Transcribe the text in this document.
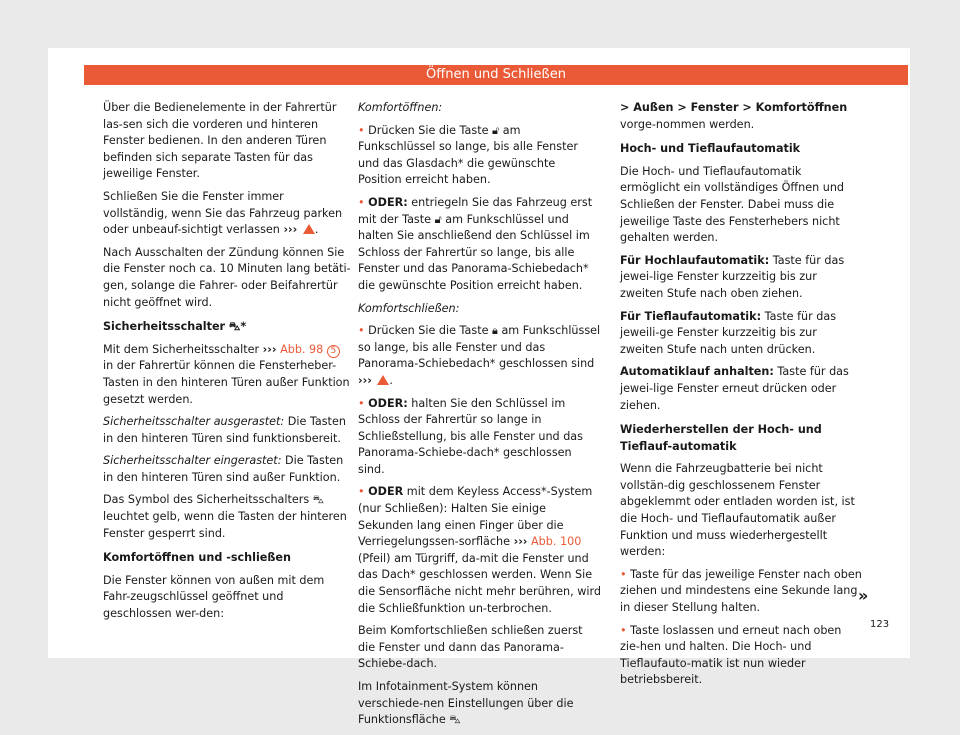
Öffnen und Schließen

Über die Bedienelemente in der Fahrertür las-sen sich die vorderen und hinteren Fenster bedienen. In den anderen Türen befinden sich separate Tasten für das jeweilige Fenster.

Schließen Sie die Fenster immer vollständig, wenn Sie das Fahrzeug parken oder unbeauf-sichtigt verlassen ››› .

Nach Ausschalten der Zündung können Sie die Fenster noch ca. 10 Minuten lang betäti-gen, solange die Fahrer- oder Beifahrertür nicht geöffnet wird.

Sicherheitsschalter ⛍*

Mit dem Sicherheitsschalter ››› Abb. 98 5 in der Fahrertür können die Fensterheber-Tasten in den hinteren Türen außer Funktion gesetzt werden.

Sicherheitsschalter ausgerastet: Die Tasten in den hinteren Türen sind funktionsbereit.

Sicherheitsschalter eingerastet: Die Tasten in den hinteren Türen sind außer Funktion.

Das Symbol des Sicherheitsschalters ⛍ leuchtet gelb, wenn die Tasten der hinteren Fenster gesperrt sind.

Komfortöffnen und -schließen

Die Fenster können von außen mit dem Fahr-zeugschlüssel geöffnet und geschlossen wer-den:

Komfortöffnen:

• Drücken Sie die Taste 🔓︎ am Funkschlüssel so lange, bis alle Fenster und das Glasdach* die gewünschte Position erreicht haben.

• ODER: entriegeln Sie das Fahrzeug erst mit der Taste 🔓︎ am Funkschlüssel und halten Sie anschließend den Schlüssel im Schloss der Fahrertür so lange, bis alle Fenster und das Panorama-Schiebedach* die gewünschte Position erreicht haben.

Komfortschließen:

• Drücken Sie die Taste 🔒︎ am Funkschlüssel so lange, bis alle Fenster und das Panorama-Schiebedach* geschlossen sind ››› .

• ODER: halten Sie den Schlüssel im Schloss der Fahrertür so lange in Schließstellung, bis alle Fenster und das Panorama-Schiebe-dach* geschlossen sind.

• ODER mit dem Keyless Access*-System (nur Schließen): Halten Sie einige Sekunden lang einen Finger über die Verriegelungssen-sorfläche ››› Abb. 100 (Pfeil) am Türgriff, da-mit die Fenster und das Dach* geschlossen werden. Wenn Sie die Sensorfläche nicht mehr berühren, wird die Schließfunktion un-terbrochen.

Beim Komfortschließen schließen zuerst die Fenster und dann das Panorama-Schiebe-dach.

Im Infotainment-System können verschiede-nen Einstellungen über die Funktionsfläche ⛍

> Außen > Fenster > Komfortöffnen vorge-nommen werden.

Hoch- und Tieflaufautomatik

Die Hoch- und Tieflaufautomatik ermöglicht ein vollständiges Öffnen und Schließen der Fenster. Dabei muss die jeweilige Taste des Fensterhebers nicht gehalten werden.

Für Hochlaufautomatik: Taste für das jewei-lige Fenster kurzzeitig bis zur zweiten Stufe nach oben ziehen.

Für Tieflaufautomatik: Taste für das jeweili-ge Fenster kurzzeitig bis zur zweiten Stufe nach unten drücken.

Automatiklauf anhalten: Taste für das jewei-lige Fenster erneut drücken oder ziehen.

Wiederherstellen der Hoch- und Tieflauf-automatik

Wenn die Fahrzeugbatterie bei nicht vollstän-dig geschlossenem Fenster abgeklemmt oder entladen worden ist, ist die Hoch- und Tieflaufautomatik außer Funktion und muss wiederhergestellt werden:

• Taste für das jeweilige Fenster nach oben ziehen und mindestens eine Sekunde lang in dieser Stellung halten.

• Taste loslassen und erneut nach oben zie-hen und halten. Die Hoch- und Tieflaufauto-matik ist nun wieder betriebsbereit.

»
123
